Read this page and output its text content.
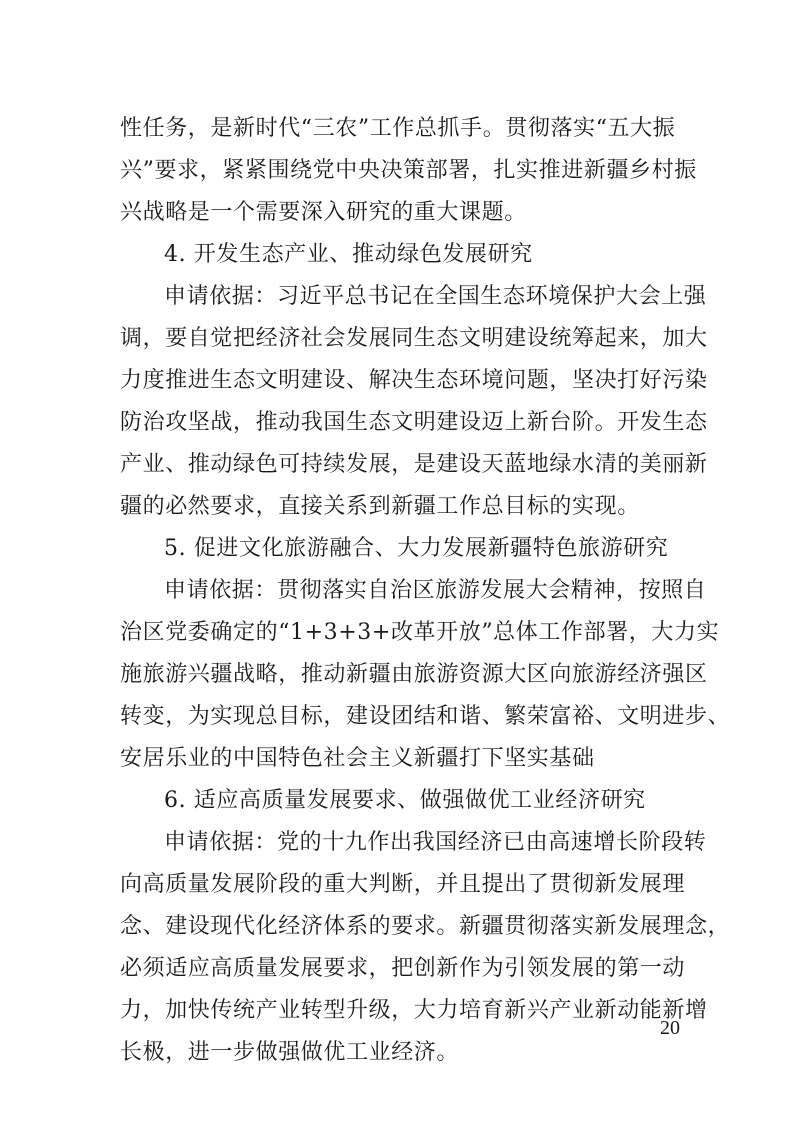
性任务，是新时代“三农”工作总抓手。贯彻落实“五大振
兴”要求，紧紧围绕党中央决策部署，扎实推进新疆乡村振
兴战略是一个需要深入研究的重大课题。
4. 开发生态产业、推动绿色发展研究
申请依据：习近平总书记在全国生态环境保护大会上强
调，要自觉把经济社会发展同生态文明建设统筹起来，加大
力度推进生态文明建设、解决生态环境问题，坚决打好污染
防治攻坚战，推动我国生态文明建设迈上新台阶。开发生态
产业、推动绿色可持续发展，是建设天蓝地绿水清的美丽新
疆的必然要求，直接关系到新疆工作总目标的实现。
5. 促进文化旅游融合、大力发展新疆特色旅游研究
申请依据：贯彻落实自治区旅游发展大会精神，按照自
治区党委确定的“1+3+3+改革开放”总体工作部署，大力实
施旅游兴疆战略，推动新疆由旅游资源大区向旅游经济强区
转变，为实现总目标，建设团结和谐、繁荣富裕、文明进步、
安居乐业的中国特色社会主义新疆打下坚实基础
6. 适应高质量发展要求、做强做优工业经济研究
申请依据：党的十九作出我国经济已由高速增长阶段转
向高质量发展阶段的重大判断，并且提出了贯彻新发展理
念、建设现代化经济体系的要求。新疆贯彻落实新发展理念，
必须适应高质量发展要求，把创新作为引领发展的第一动
力，加快传统产业转型升级，大力培育新兴产业新动能新增
长极，进一步做强做优工业经济。
20
